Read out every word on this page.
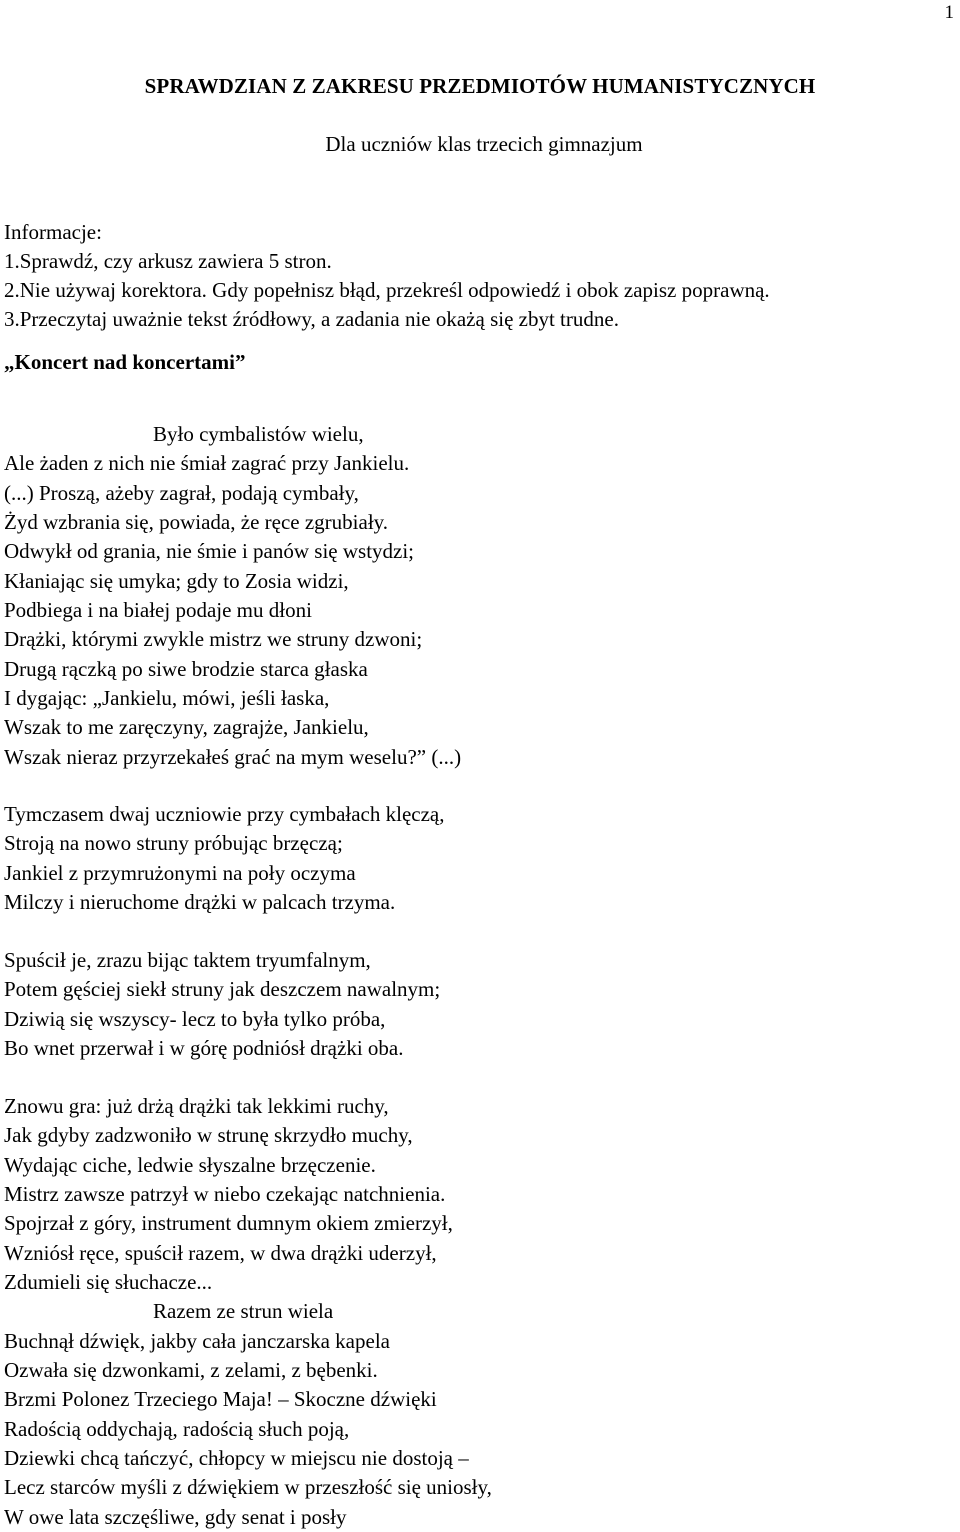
1
SPRAWDZIAN Z ZAKRESU PRZEDMIOTÓW HUMANISTYCZNYCH
Dla uczniów klas trzecich gimnazjum
Informacje:
1.Sprawdź, czy arkusz zawiera 5 stron.
2.Nie używaj korektora. Gdy popełnisz błąd, przekreśl odpowiedź i obok zapisz poprawną.
3.Przeczytaj uważnie tekst źródłowy, a zadania nie okażą się zbyt trudne.
„Koncert nad koncertami”
Było cymbalistów wielu,
Ale żaden z nich nie śmiał zagrać przy Jankielu.
(...) Proszą, ażeby zagrał, podają cymbały,
Żyd wzbrania się, powiada, że ręce zgrubiały.
Odwykł od grania, nie śmie i panów się wstydzi;
Kłaniając się umyka; gdy to Zosia widzi,
Podbiega i na białej podaje mu dłoni
Drążki, którymi zwykle mistrz we struny dzwoni;
Drugą rączką po siwe brodzie starca głaska
I dygając: „Jankielu, mówi, jeśli łaska,
Wszak to me zaręczyny, zagrajże, Jankielu,
Wszak nieraz przyrzekałeś grać na mym weselu?” (...)
Tymczasem dwaj uczniowie przy cymbałach klęczą,
Stroją na nowo struny próbując brzęczą;
Jankiel z przymrużonymi na poły oczyma
Milczy i nieruchome drążki w palcach trzyma.
Spuścił je, zrazu bijąc taktem tryumfalnym,
Potem gęściej siekł struny jak deszczem nawalnym;
Dziwią się wszyscy- lecz to była tylko próba,
Bo wnet przerwał i w górę podniósł drążki oba.
Znowu gra: już drżą drążki tak lekkimi ruchy,
Jak gdyby zadzwoniło w strunę skrzydło muchy,
Wydając ciche, ledwie słyszalne brzęczenie.
Mistrz zawsze patrzył w niebo czekając natchnienia.
Spojrzał z góry, instrument dumnym okiem zmierzył,
Wzniósł ręce, spuścił razem, w dwa drążki uderzył,
Zdumieli się słuchacze...
Razem ze strun wiela
Buchnął dźwięk, jakby cała janczarska kapela
Ozwała się dzwonkami, z zelami, z bębenki.
Brzmi Polonez Trzeciego Maja! – Skoczne dźwięki
Radością oddychają, radością słuch poją,
Dziewki chcą tańczyć, chłopcy w miejscu nie dostoją –
Lecz starców myśli z dźwiękiem w przeszłość się uniosły,
W owe lata szczęśliwe, gdy senat i posły
